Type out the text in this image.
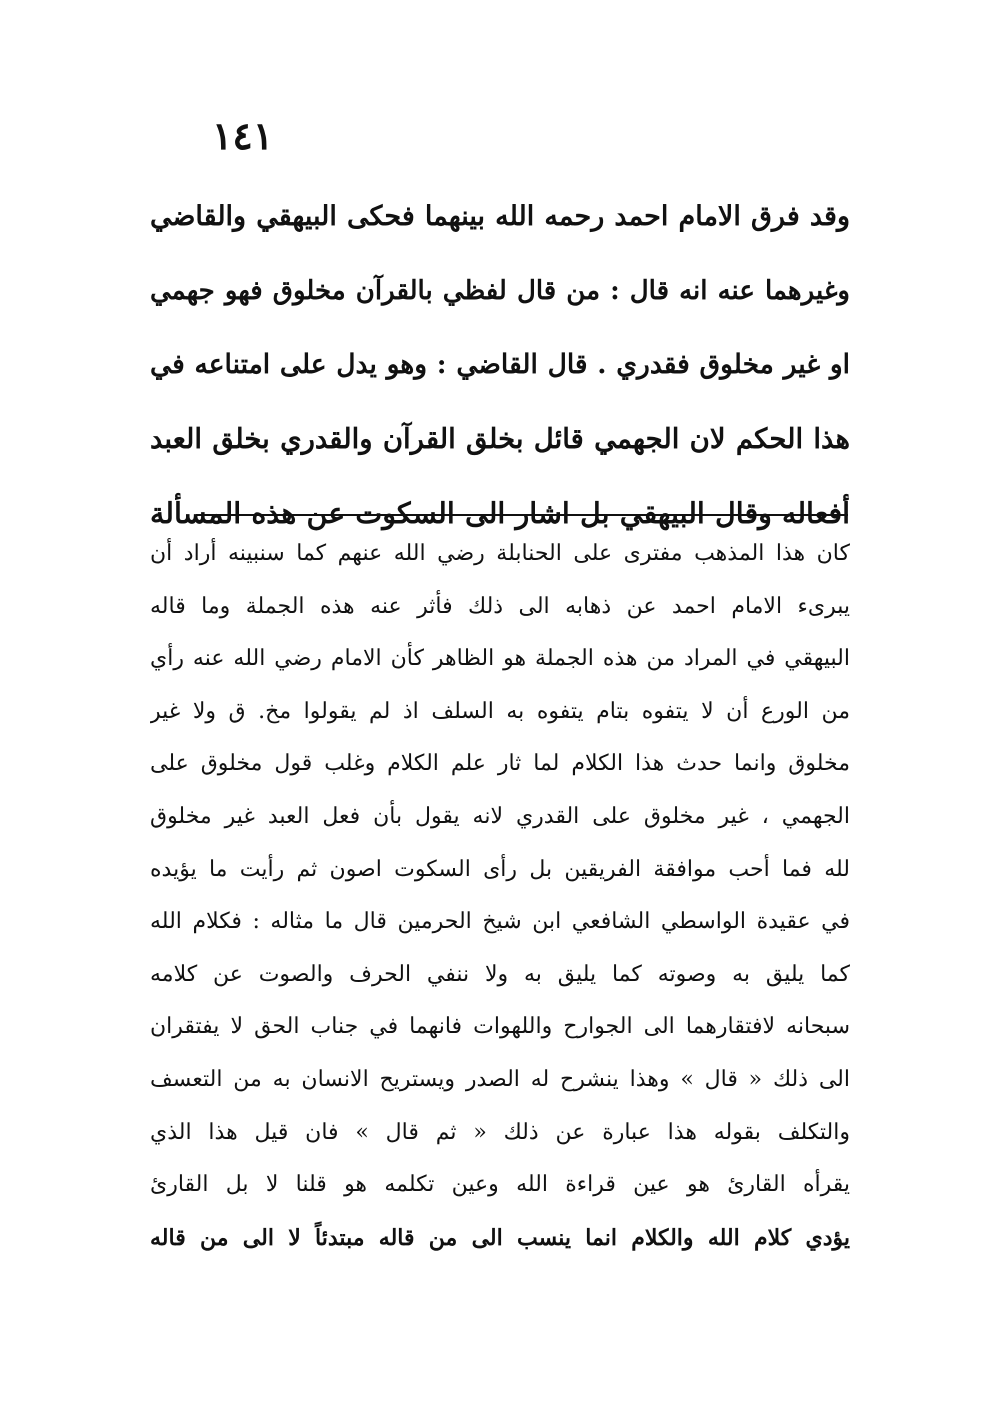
١٤١
وقد فرق الامام احمد رحمه الله بينهما فحكى البيهقي والقاضي
وغيرهما عنه انه قال : من قال لفظي بالقرآن مخلوق فهو جهمي
او غير مخلوق فقدري . قال القاضي : وهو يدل على امتناعه في
هذا الحكم لان الجهمي قائل بخلق القرآن والقدري بخلق العبد
أفعاله وقال البيهقي بل اشار الى السكوت عن هذه المسألة
كان هذا المذهب مفترى على الحنابلة رضي الله عنهم كما سنبينه أراد أن
يبرىء الامام احمد عن ذهابه الى ذلك فأثر عنه هذه الجملة وما قاله
البيهقي في المراد من هذه الجملة هو الظاهر كأن الامام رضي الله عنه رأي
من الورع أن لا يتفوه بتام يتفوه به السلف اذ لم يقولوا مخ. ق ولا غير
مخلوق وانما حدث هذا الكلام لما ثار علم الكلام وغلب قول مخلوق على
الجهمي ، غير مخلوق على القدري لانه يقول بأن فعل العبد غير مخلوق
لله فما أحب موافقة الفريقين بل رأى السكوت اصون ثم رأيت ما يؤيده
في عقيدة الواسطي الشافعي ابن شيخ الحرمين قال ما مثاله : فكلام الله
كما يليق به وصوته كما يليق به ولا ننفي الحرف والصوت عن كلامه
سبحانه لافتقارهما الى الجوارح واللهوات فانهما في جناب الحق لا يفتقران
الى ذلك « قال » وهذا ينشرح له الصدر ويستريح الانسان به من التعسف
والتكلف بقوله هذا عبارة عن ذلك « ثم قال » فان قيل هذا الذي
يقرأه القارئ هو عين قراءة الله وعين تكلمه هو قلنا لا بل القارئ
يؤدي كلام الله والكلام انما ينسب الى من قاله مبتدئاً لا الى من قاله
